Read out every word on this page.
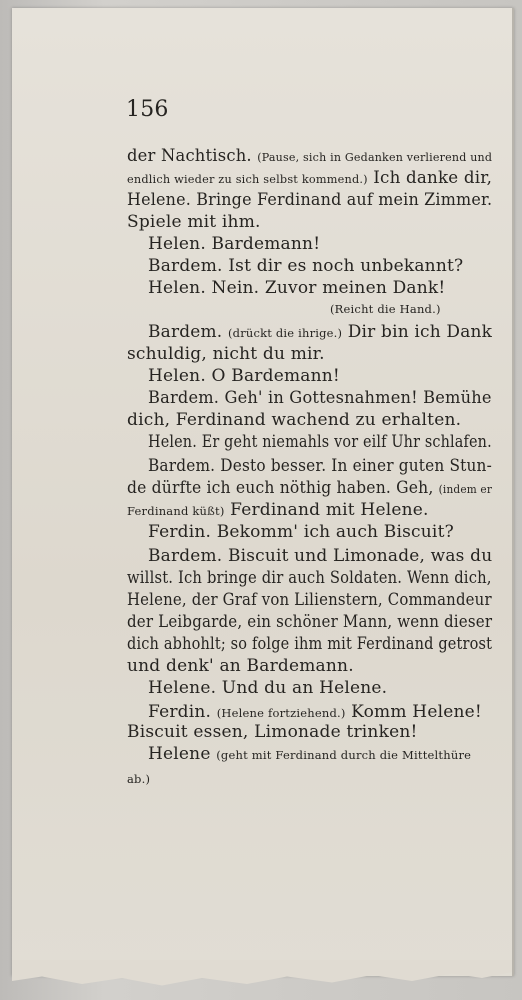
156
der Nachtisch. (Pause, sich in Gedanken verlierend und
endlich wieder zu sich selbst kommend.) Ich danke dir,
Helene. Bringe Ferdinand auf mein Zimmer.
Spiele mit ihm.
Helen. Bardemann!
Bardem. Ist dir es noch unbekannt?
Helen. Nein. Zuvor meinen Dank!
(Reicht die Hand.)
Bardem. (drückt die ihrige.) Dir bin ich Dank
schuldig, nicht du mir.
Helen. O Bardemann!
Bardem. Geh' in Gottesnahmen! Bemühe
dich, Ferdinand wachend zu erhalten.
Helen. Er geht niemahls vor eilf Uhr schlafen.
Bardem. Desto besser. In einer guten Stun-
de dürfte ich euch nöthig haben. Geh, (indem er
Ferdinand küßt) Ferdinand mit Helene.
Ferdin. Bekomm' ich auch Biscuit?
Bardem. Biscuit und Limonade, was du
willst. Ich bringe dir auch Soldaten. Wenn dich,
Helene, der Graf von Lilienstern, Commandeur
der Leibgarde, ein schöner Mann, wenn dieser
dich abhohlt; so folge ihm mit Ferdinand getrost
und denk' an Bardemann.
Helene. Und du an Helene.
Ferdin. (Helene fortziehend.) Komm Helene!
Biscuit essen, Limonade trinken!
Helene (geht mit Ferdinand durch die Mittelthüre
ab.)
